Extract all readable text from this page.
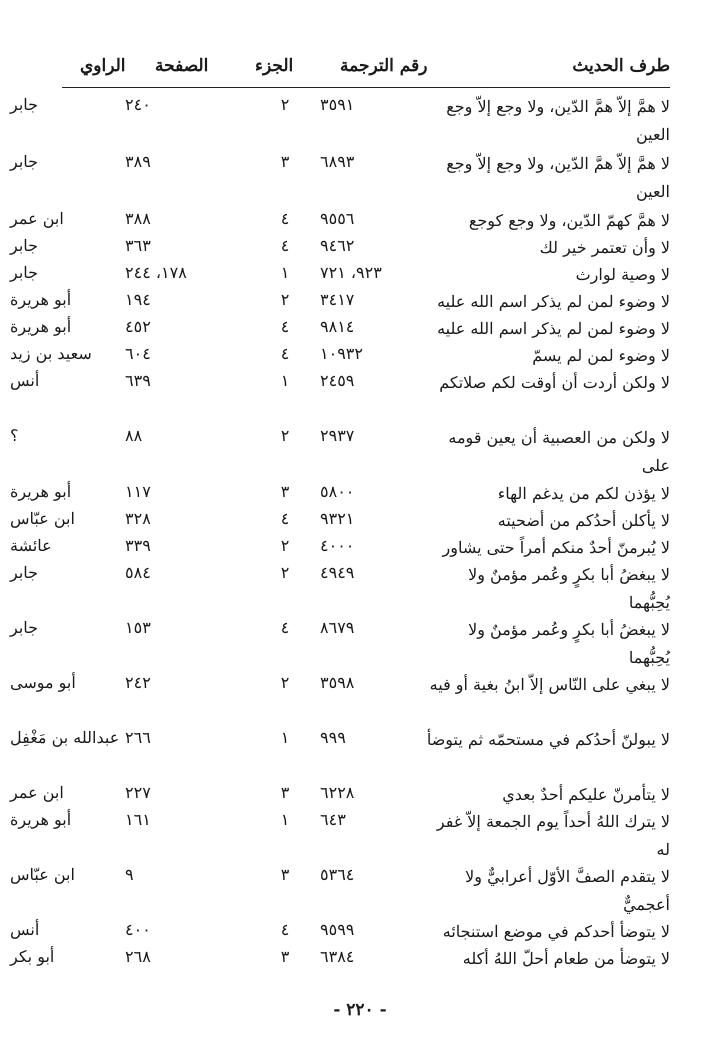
طرف الحديث
رقم الترجمة
الجزء
الصفحة
الراوي
لا همَّ إلاّ همَّ الدّين، ولا وجع إلاّ وجع العين
٣٥٩١
٢
٢٤٠
جابر
لا همَّ إلاّ همَّ الدّين، ولا وجع إلاّ وجع العين
٦٨٩٣
٣
٣٨٩
جابر
لا همَّ كهمّ الدّين، ولا وجع كوجع
٩٥٥٦
٤
٣٨٨
ابن عمر
لا وأن تعتمر خير لك
٩٤٦٢
٤
٣٦٣
جابر
لا وصية لوارث
٩٢٣، ٧٢١
١
١٧٨، ٢٤٤
جابر
لا وضوء لمن لم يذكر اسم الله عليه
٣٤١٧
٢
١٩٤
أبو هريرة
لا وضوء لمن لم يذكر اسم الله عليه
٩٨١٤
٤
٤٥٢
أبو هريرة
لا وضوء لمن لم يسمّ
١٠٩٣٢
٤
٦٠٤
سعيد بن زيد
لا ولكن أردت أن أوقت لكم صلاتكم
٢٤٥٩
١
٦٣٩
أنس
لا ولكن من العصبية أن يعين قومه على
٢٩٣٧
٢
٨٨
؟
لا يؤذن لكم من يدغم الهاء
٥٨٠٠
٣
١١٧
أبو هريرة
لا يأكلن أحدُكم من أضحيته
٩٣٢١
٤
٣٢٨
ابن عبّاس
لا يُبرمنّ أحدٌ منكم أمراً حتى يشاور
٤٠٠٠
٢
٣٣٩
عائشة
لا يبغضُ أبا بكرٍ وعُمر مؤمنٌ ولا يُحِبُّهما
٤٩٤٩
٢
٥٨٤
جابر
لا يبغضُ أبا بكرٍ وعُمر مؤمنٌ ولا يُحِبُّهما
٨٦٧٩
٤
١٥٣
جابر
لا يبغي على النّاس إلاّ ابنُ بغية أو فيه
٣٥٩٨
٢
٢٤٢
أبو موسى
لا يبولنّ أحدُكم في مستحمّه ثم يتوضأ
٩٩٩
١
٢٦٦
عبدالله بن مَغْفِل
لا يتأمرنّ عليكم أحدٌ بعدي
٦٢٢٨
٣
٢٢٧
ابن عمر
لا يترك اللهُ أحداً يوم الجمعة إلاّ غفر له
٦٤٣
١
١٦١
أبو هريرة
لا يتقدم الصفَّ الأوّل أعرابيٌّ ولا أعجميٌّ
٥٣٦٤
٣
٩
ابن عبّاس
لا يتوضأ أحدكم في موضع استنجائه
٩٥٩٩
٤
٤٠٠
أنس
لا يتوضأ من طعام أحلّ اللهُ أكله
٦٣٨٤
٣
٢٦٨
أبو بكر
- ٢٢٠ -
